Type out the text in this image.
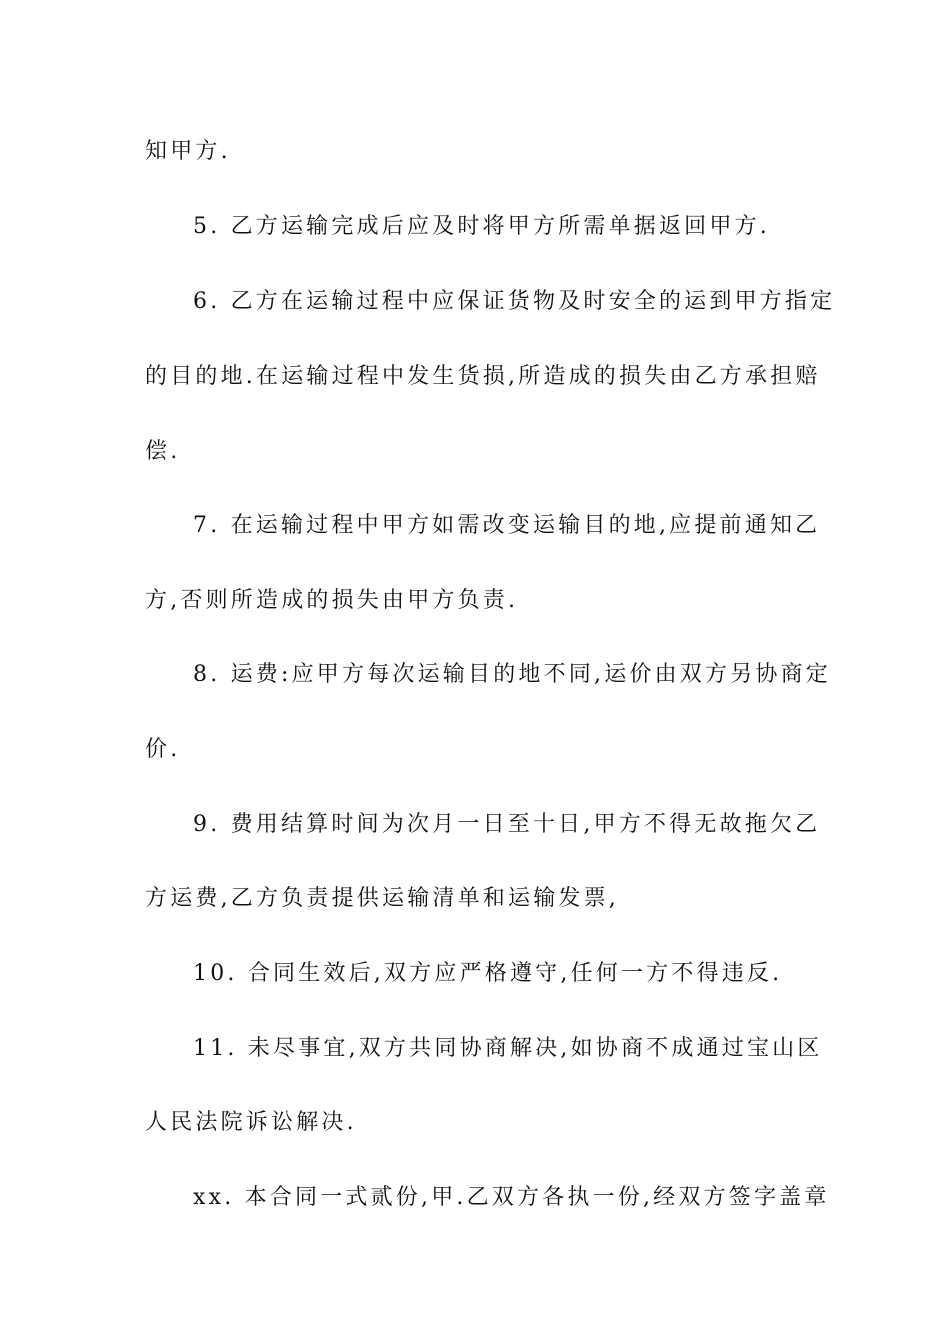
知甲方.
5. 乙方运输完成后应及时将甲方所需单据返回甲方.
6. 乙方在运输过程中应保证货物及时安全的运到甲方指定
的目的地.在运输过程中发生货损,所造成的损失由乙方承担赔
偿.
7. 在运输过程中甲方如需改变运输目的地,应提前通知乙
方,否则所造成的损失由甲方负责.
8. 运费:应甲方每次运输目的地不同,运价由双方另协商定
价.
9. 费用结算时间为次月一日至十日,甲方不得无故拖欠乙
方运费,乙方负责提供运输清单和运输发票,
10. 合同生效后,双方应严格遵守,任何一方不得违反.
11. 未尽事宜,双方共同协商解决,如协商不成通过宝山区
人民法院诉讼解决.
xx. 本合同一式贰份,甲.乙双方各执一份,经双方签字盖章
